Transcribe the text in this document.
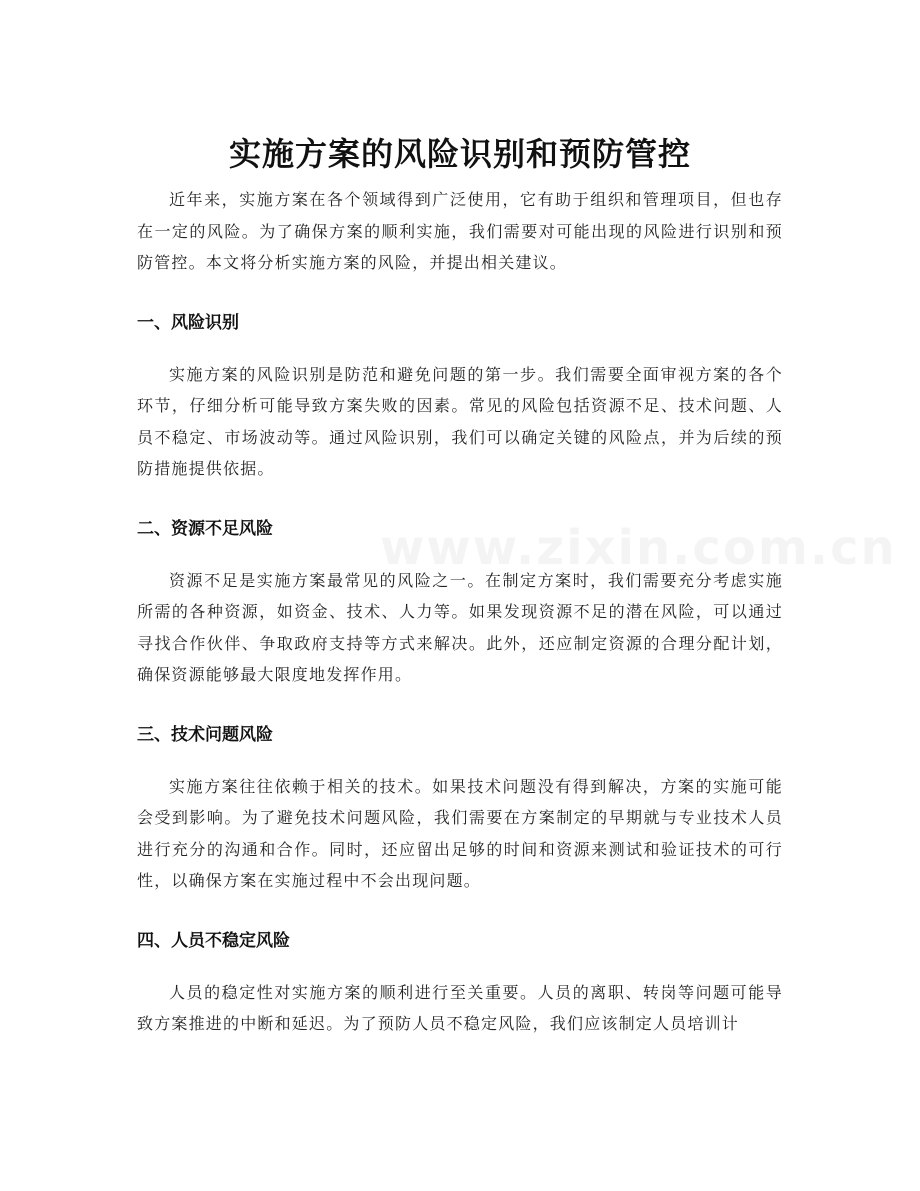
实施方案的风险识别和预防管控

近年来，实施方案在各个领域得到广泛使用，它有助于组织和管理项目，但也存在一定的风险。为了确保方案的顺利实施，我们需要对可能出现的风险进行识别和预防管控。本文将分析实施方案的风险，并提出相关建议。

一、风险识别

实施方案的风险识别是防范和避免问题的第一步。我们需要全面审视方案的各个环节，仔细分析可能导致方案失败的因素。常见的风险包括资源不足、技术问题、人员不稳定、市场波动等。通过风险识别，我们可以确定关键的风险点，并为后续的预防措施提供依据。

二、资源不足风险

资源不足是实施方案最常见的风险之一。在制定方案时，我们需要充分考虑实施所需的各种资源，如资金、技术、人力等。如果发现资源不足的潜在风险，可以通过寻找合作伙伴、争取政府支持等方式来解决。此外，还应制定资源的合理分配计划，确保资源能够最大限度地发挥作用。

三、技术问题风险

实施方案往往依赖于相关的技术。如果技术问题没有得到解决，方案的实施可能会受到影响。为了避免技术问题风险，我们需要在方案制定的早期就与专业技术人员进行充分的沟通和合作。同时，还应留出足够的时间和资源来测试和验证技术的可行性，以确保方案在实施过程中不会出现问题。

四、人员不稳定风险

人员的稳定性对实施方案的顺利进行至关重要。人员的离职、转岗等问题可能导致方案推进的中断和延迟。为了预防人员不稳定风险，我们应该制定人员培训计
